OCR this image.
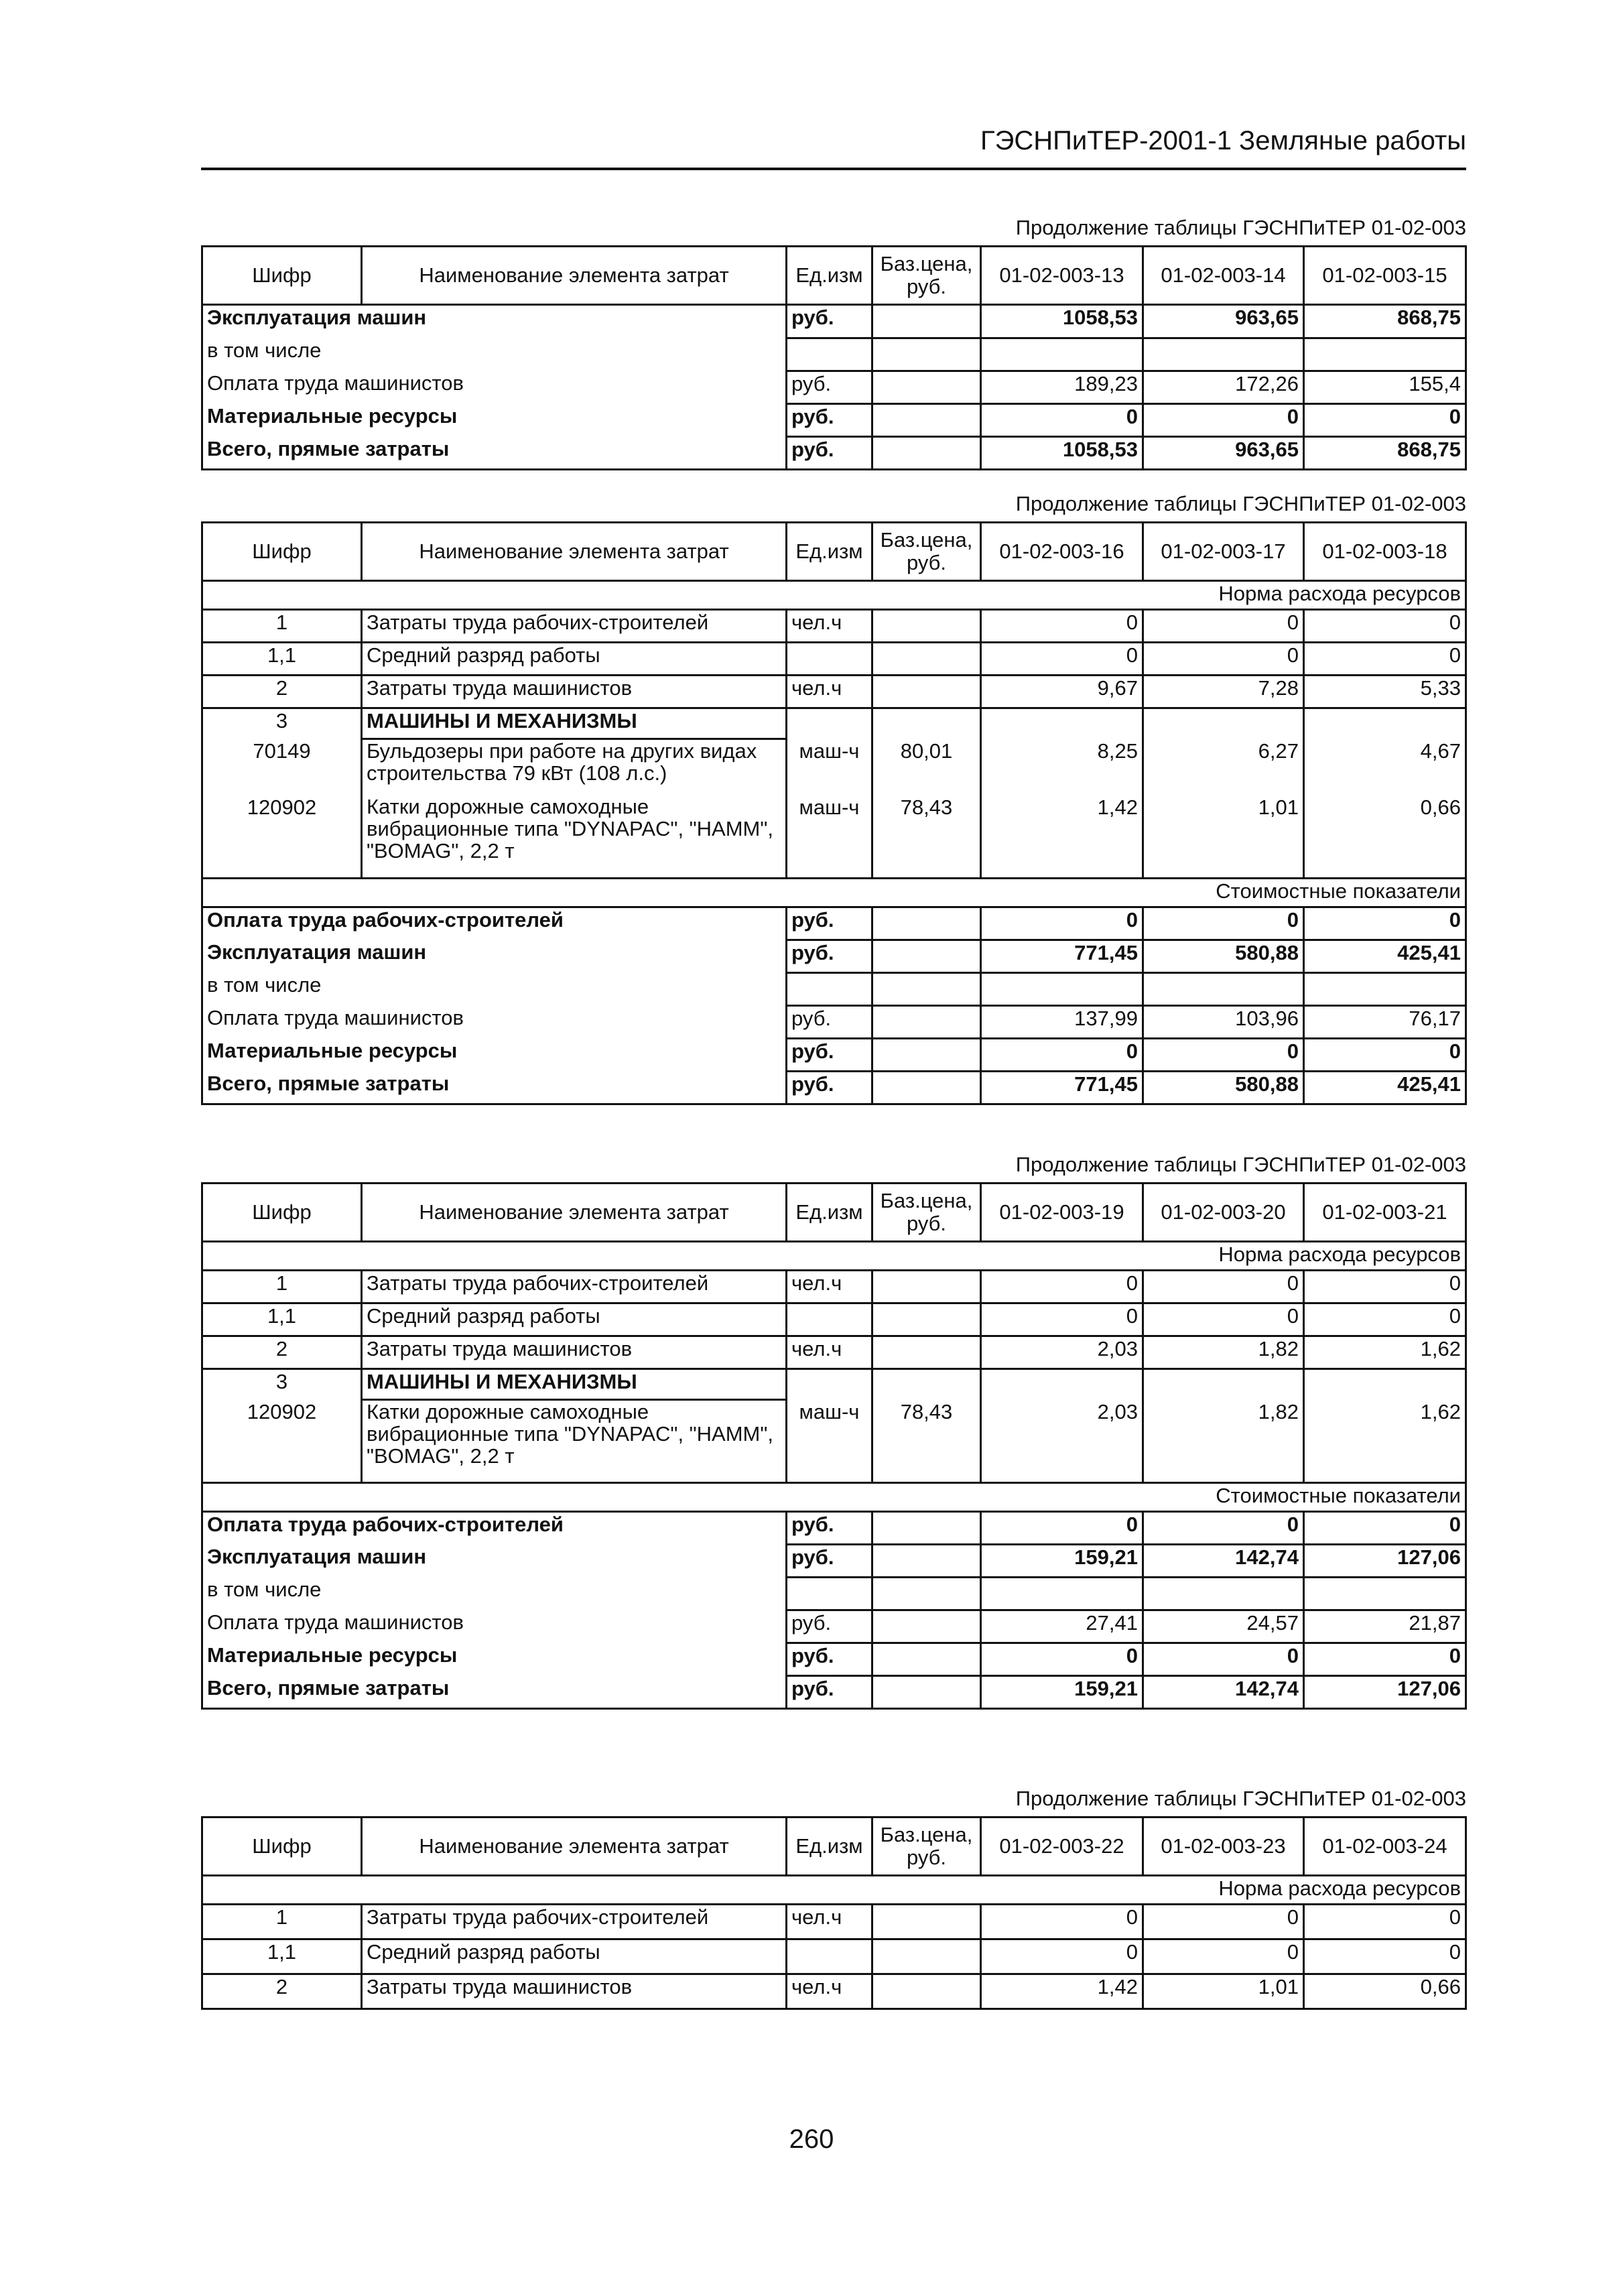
ГЭСНПиТЕР-2001-1 Земляные работы
Продолжение таблицы ГЭСНПиТЕР 01-02-003
Шифр	Наименование элемента затрат	Ед.изм	Баз.цена, руб.	01-02-003-13	01-02-003-14	01-02-003-15
Эксплуатация машин		руб.		1058,53	963,65	868,75
в том числе						
Оплата труда машинистов		руб.		189,23	172,26	155,4
Материальные ресурсы		руб.		0	0	0
Всего, прямые затраты		руб.		1058,53	963,65	868,75
Продолжение таблицы ГЭСНПиТЕР 01-02-003
Шифр	Наименование элемента затрат	Ед.изм	Баз.цена, руб.	01-02-003-16	01-02-003-17	01-02-003-18
Норма расхода ресурсов						
1	Затраты труда рабочих-строителей	чел.ч		0	0	0
1,1	Средний разряд работы			0	0	0
2	Затраты труда машинистов	чел.ч		9,67	7,28	5,33
3	МАШИНЫ И МЕХАНИЗМЫ					
70149	Бульдозеры при работе на других видах строительства 79 кВт (108 л.с.)	маш-ч	80,01	8,25	6,27	4,67
120902	Катки дорожные самоходные вибрационные типа "DYNAPAC", "HAMM", "BOMAG", 2,2 т	маш-ч	78,43	1,42	1,01	0,66
Стоимостные показатели						
Оплата труда рабочих-строителей		руб.		0	0	0
Эксплуатация машин		руб.		771,45	580,88	425,41
в том числе						
Оплата труда машинистов		руб.		137,99	103,96	76,17
Материальные ресурсы		руб.		0	0	0
Всего, прямые затраты		руб.		771,45	580,88	425,41
Продолжение таблицы ГЭСНПиТЕР 01-02-003
Шифр	Наименование элемента затрат	Ед.изм	Баз.цена, руб.	01-02-003-19	01-02-003-20	01-02-003-21
Норма расхода ресурсов						
1	Затраты труда рабочих-строителей	чел.ч		0	0	0
1,1	Средний разряд работы			0	0	0
2	Затраты труда машинистов	чел.ч		2,03	1,82	1,62
3	МАШИНЫ И МЕХАНИЗМЫ					
120902	Катки дорожные самоходные вибрационные типа "DYNAPAC", "HAMM", "BOMAG", 2,2 т	маш-ч	78,43	2,03	1,82	1,62
Стоимостные показатели						
Оплата труда рабочих-строителей		руб.		0	0	0
Эксплуатация машин		руб.		159,21	142,74	127,06
в том числе						
Оплата труда машинистов		руб.		27,41	24,57	21,87
Материальные ресурсы		руб.		0	0	0
Всего, прямые затраты		руб.		159,21	142,74	127,06
Продолжение таблицы ГЭСНПиТЕР 01-02-003
Шифр	Наименование элемента затрат	Ед.изм	Баз.цена, руб.	01-02-003-22	01-02-003-23	01-02-003-24
Норма расхода ресурсов						
1	Затраты труда рабочих-строителей	чел.ч		0	0	0
1,1	Средний разряд работы			0	0	0
2	Затраты труда машинистов	чел.ч		1,42	1,01	0,66
260
